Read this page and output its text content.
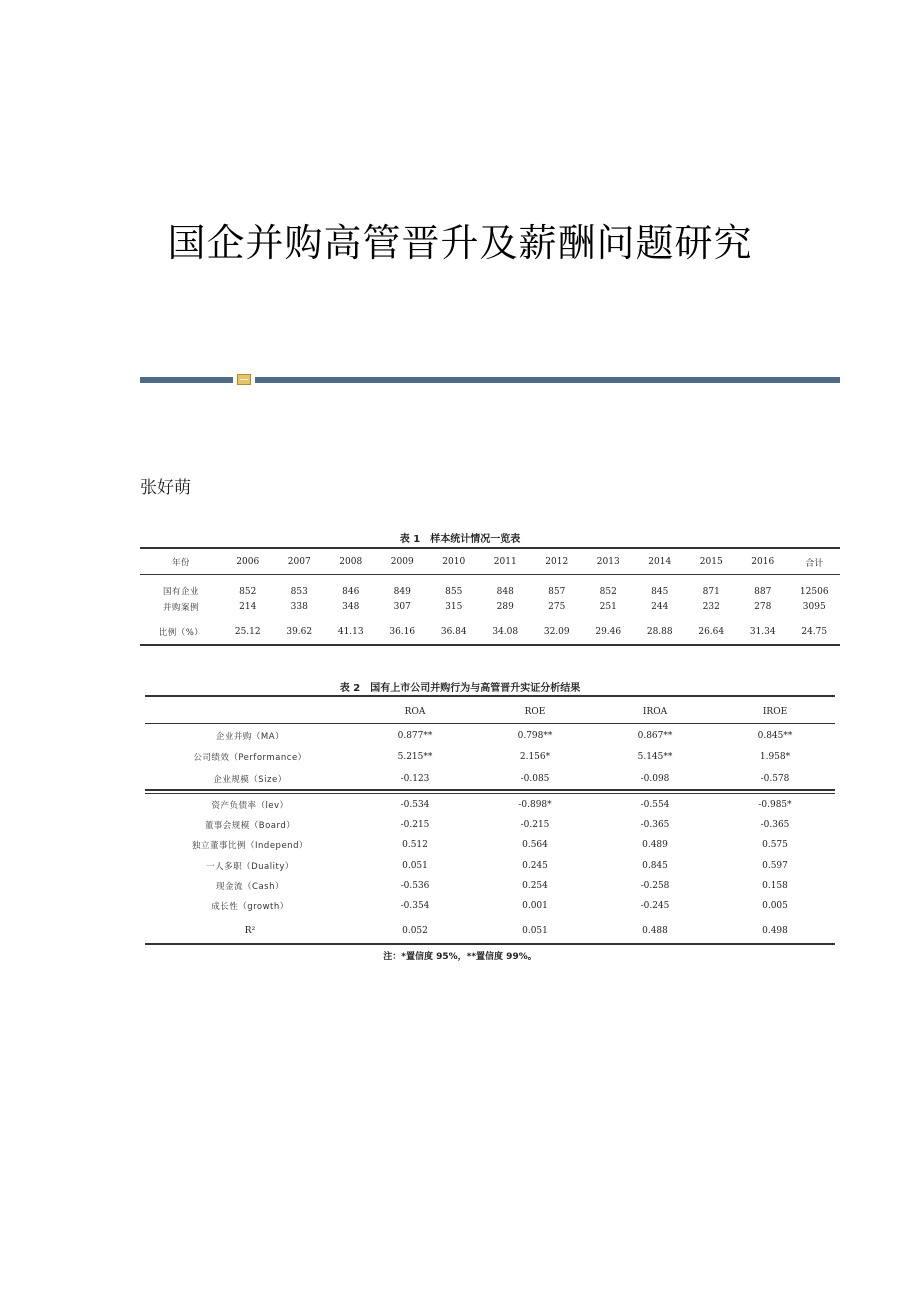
国企并购高管晋升及薪酬问题研究
张好萌
表 1 样本统计情况一览表
年份	2006	2007	2008	2009	2010	2011	2012	2013	2014	2015	2016	合计
国有企业	852	853	846	849	855	848	857	852	845	871	887	12506
并购案例	214	338	348	307	315	289	275	251	244	232	278	3095
比例（%）	25.12	39.62	41.13	36.16	36.84	34.08	32.09	29.46	28.88	26.64	31.34	24.75
表 2 国有上市公司并购行为与高管晋升实证分析结果
	ROA	ROE	IROA	IROE
企业并购（MA）	0.877**	0.798**	0.867**	0.845**
公司绩效（Performance）	5.215**	2.156*	5.145**	1.958*
企业规模（Size）	-0.123	-0.085	-0.098	-0.578
资产负债率（lev）	-0.534	-0.898*	-0.554	-0.985*
董事会规模（Board）	-0.215	-0.215	-0.365	-0.365
独立董事比例（Independ）	0.512	0.564	0.489	0.575
一人多职（Duality）	0.051	0.245	0.845	0.597
现金流（Cash）	-0.536	0.254	-0.258	0.158
成长性（growth）	-0.354	0.001	-0.245	0.005
R²	0.052	0.051	0.488	0.498
注：*置信度 95%，**置信度 99%。
